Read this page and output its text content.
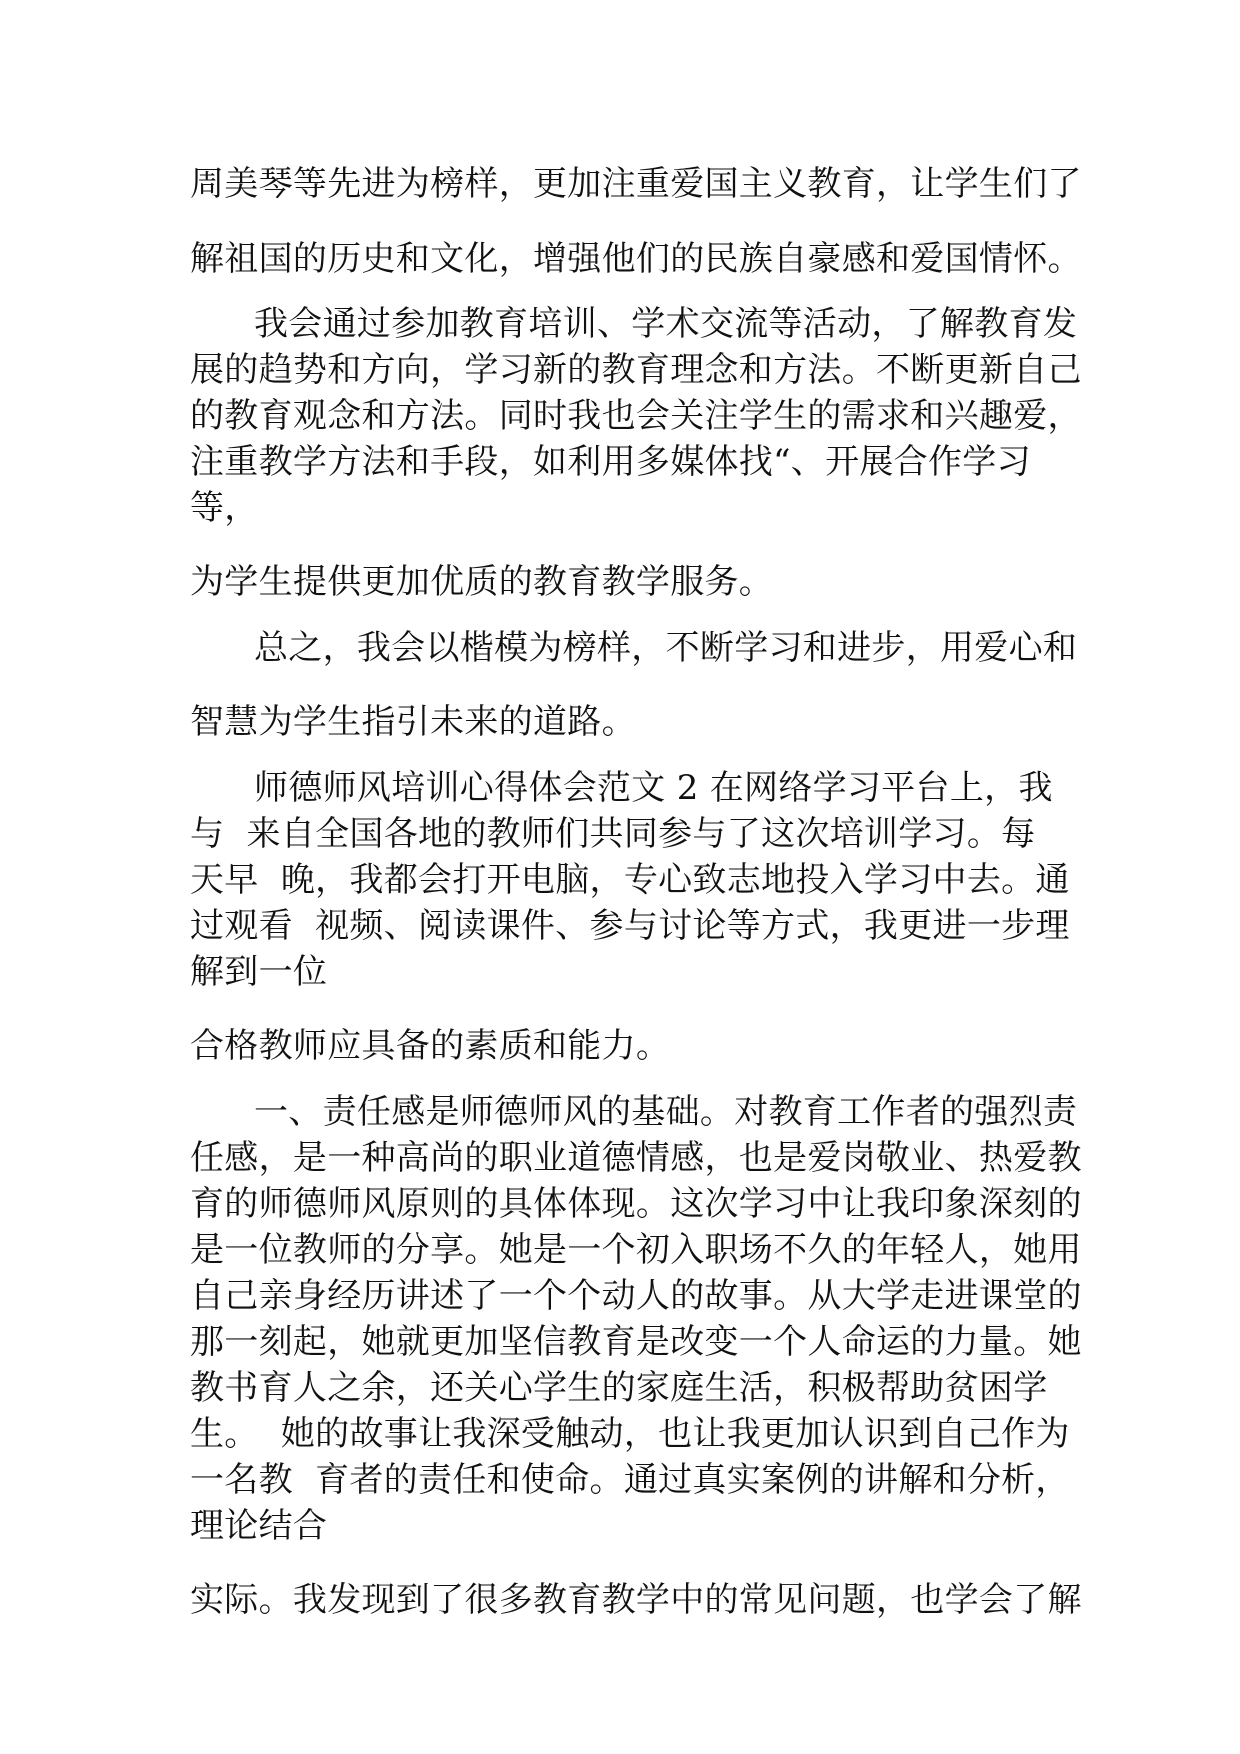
周美琴等先进为榜样，更加注重爱国主义教育，让学生们了
解祖国的历史和文化，增强他们的民族自豪感和爱国情怀。
我会通过参加教育培训、学术交流等活动，了解教育发
展的趋势和方向，学习新的教育理念和方法。不断更新自己
的教育观念和方法。同时我也会关注学生的需求和兴趣爱，
注重教学方法和手段，如利用多媒体找“、开展合作学习
等，
为学生提供更加优质的教育教学服务。
总之，我会以楷模为榜样，不断学习和进步，用爱心和
智慧为学生指引未来的道路。
师德师风培训心得体会范文 2 在网络学习平台上，我
与  来自全国各地的教师们共同参与了这次培训学习。每
天早  晚，我都会打开电脑，专心致志地投入学习中去。通
过观看  视频、阅读课件、参与讨论等方式，我更进一步理
解到一位
合格教师应具备的素质和能力。
一、责任感是师德师风的基础。对教育工作者的强烈责
任感，是一种高尚的职业道德情感，也是爱岗敬业、热爱教
育的师德师风原则的具体体现。这次学习中让我印象深刻的
是一位教师的分享。她是一个初入职场不久的年轻人，她用
自己亲身经历讲述了一个个动人的故事。从大学走进课堂的
那一刻起，她就更加坚信教育是改变一个人命运的力量。她
教书育人之余，还关心学生的家庭生活，积极帮助贫困学
生。  她的故事让我深受触动，也让我更加认识到自己作为
一名教  育者的责任和使命。通过真实案例的讲解和分析，
理论结合
实际。我发现到了很多教育教学中的常见问题，也学会了解
